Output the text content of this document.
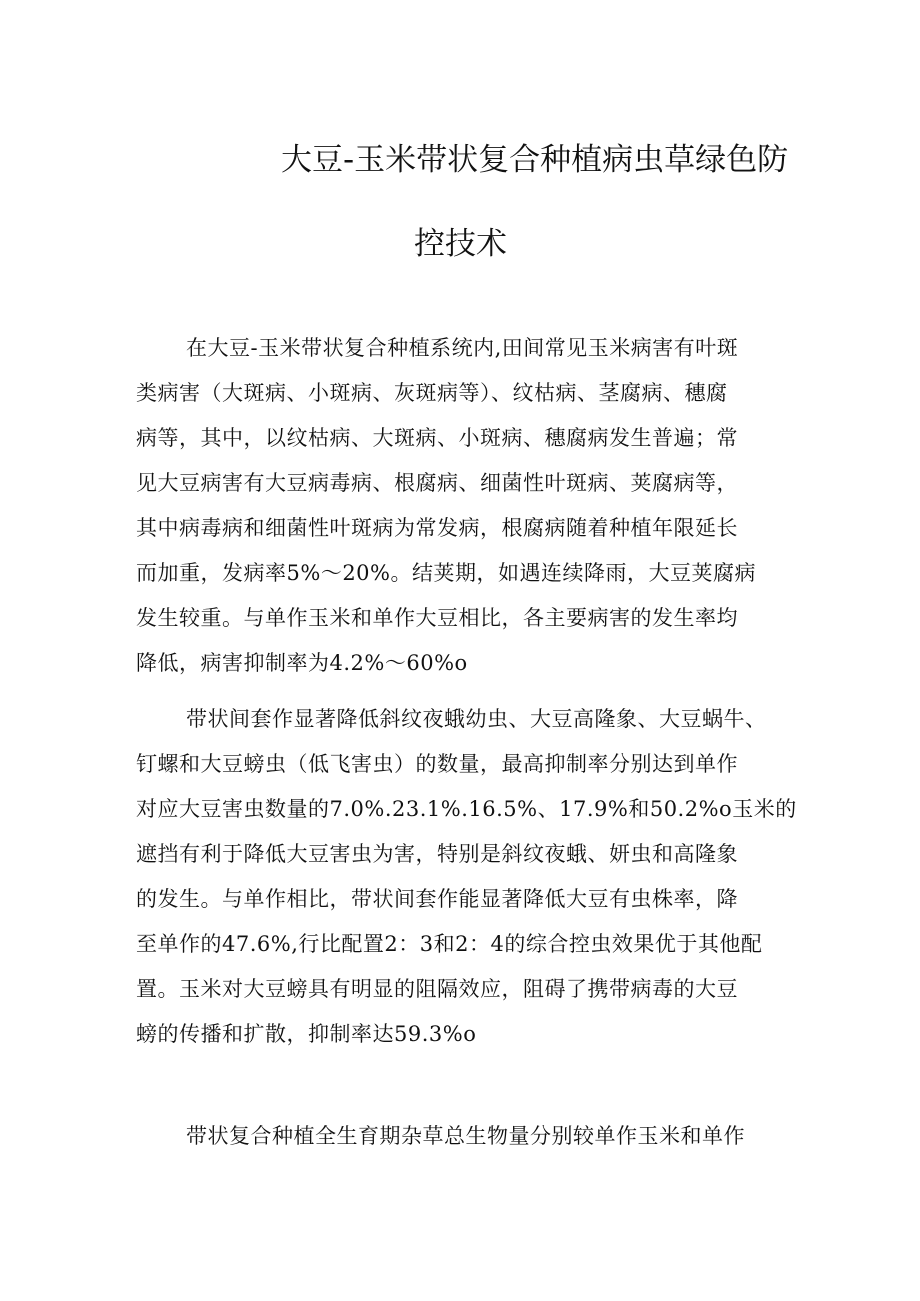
大豆-玉米带状复合种植病虫草绿色防
控技术
在大豆-玉米带状复合种植系统内,田间常见玉米病害有叶斑
类病害（大斑病、小斑病、灰斑病等）、纹枯病、茎腐病、穗腐
病等，其中，以纹枯病、大斑病、小斑病、穗腐病发生普遍；常
见大豆病害有大豆病毒病、根腐病、细菌性叶斑病、荚腐病等，
其中病毒病和细菌性叶斑病为常发病，根腐病随着种植年限延长
而加重，发病率5%〜20%。结荚期，如遇连续降雨，大豆荚腐病
发生较重。与单作玉米和单作大豆相比，各主要病害的发生率均
降低，病害抑制率为4.2%〜60%o
带状间套作显著降低斜纹夜蛾幼虫、大豆高隆象、大豆蜗牛、
钉螺和大豆螃虫（低飞害虫）的数量，最高抑制率分别达到单作
对应大豆害虫数量的7.0%.23.1%.16.5%、17.9%和50.2%o玉米的
遮挡有利于降低大豆害虫为害，特别是斜纹夜蛾、妍虫和高隆象
的发生。与单作相比，带状间套作能显著降低大豆有虫株率，降
至单作的47.6%,行比配置2：3和2：4的综合控虫效果优于其他配
置。玉米对大豆螃具有明显的阻隔效应，阻碍了携带病毒的大豆
螃的传播和扩散，抑制率达59.3%o
带状复合种植全生育期杂草总生物量分别较单作玉米和单作
